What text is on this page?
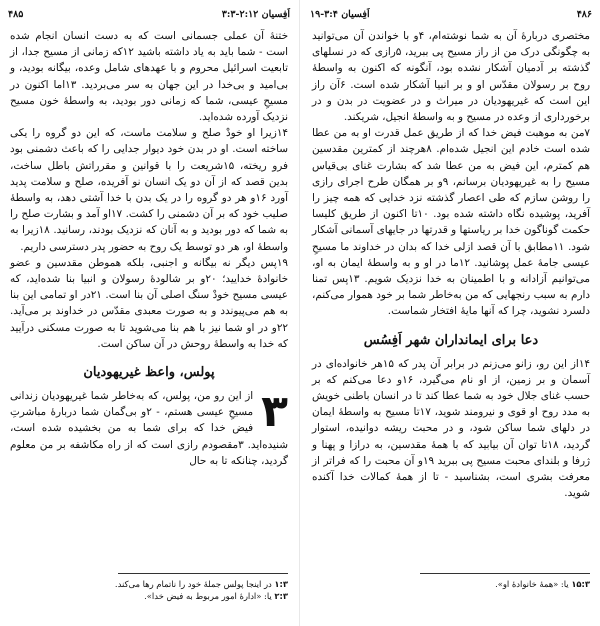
۴۸۵	اَفِسیان ۲:۱۲-۳:۳

ختنهٔ آن عملی جسمانی است که به دست انسان انجام شده است - شما باید به یاد داشته باشید ۱۲که زمانی از مسیح جدا، از تابعیت اسرائیل محروم و با عهدهای شامل وعده، بیگانه بودید، و بی‌امید و بی‌خدا در این جهان به سر می‌بردید. ۱۳اما اکنون در مسیحِ عیسی، شما که زمانی دور بودید، به واسطهٔ خون مسیح نزدیک آورده شده‌اید.

۱۴زیرا او خودْ صلح و سلامت ماست، که این دو گروه را یکی ساخته است. او در بدن خود دیوار جدایی را که باعث دشمنی بود فرو ریخته، ۱۵شریعت را با قوانین و مقرراتش باطل ساخت، بدین قصد که از آن دو یک انسان نو آفریده، صلح و سلامت پدید آورد ۱۶و هر دو گروه را در یک بدن با خدا آشتی دهد، به واسطهٔ صلیب خود که بر آن دشمنی را کشت. ۱۷او آمد و بشارت صلح را به شما که دور بودید و به آنان که نزدیک بودند، رسانید. ۱۸زیرا به واسطهٔ او، هر دو توسط یک روح به حضور پدر دسترسی داریم.

۱۹پس دیگر نه بیگانه و اجنبی، بلکه هموطن مقدسین و عضو خانوادهٔ خدایید؛ ۲۰و بر شالودهٔ رسولان و انبیا بنا شده‌اید، که عیسی مسیح خودْ سنگ اصلی آن بنا است. ۲۱در او تمامی این بنا به هم می‌پیوندد و به صورت معبدی مقدّس در خداوند بر می‌آید. ۲۲و در او شما نیز با هم بنا می‌شوید تا به صورت مسکنی درآیید که خدا به واسطهٔ روحش در آن ساکن است.

پولس، واعظ غیریهودیان
۳

از این رو من، پولس، که به‌خاطر شما غیریهودیان زندانی مسیحِ عیسی هستم، - ۲و بی‌گمان شما دربارهٔ مباشرتِ فیض خدا که برای شما به من بخشیده شده است، شنیده‌اید. ۳مقصودم رازی است که از راه مکاشفه بر من معلوم گردید، چنانکه تا به حال

۱:۳ در اینجا پولس جملهٔ خود را ناتمام رها می‌کند.
۲:۳ یا: «ادارهٔ امور مربوط به فیض خدا».
۴۸۶
اَفِسیان ۳:۴-۱۹

مختصری دربارهٔ آن به شما نوشته‌ام، ۴و با خواندن آن می‌توانید به چگونگی درک من از راز مسیح پی ببرید، ۵رازی که در نسلهای گذشته بر آدمیان آشکار نشده بود، آنگونه که اکنون به واسطهٔ روح بر رسولان مقدّس او و بر انبیا آشکار شده است. ۶آن راز این است که غیریهودیان در میراث و در عضویت در بدن و در برخورداری از وعده در مسیح و به واسطهٔ انجیل، شریکند.

۷من به موهبت فیض خدا که از طریق عمل قدرت او به من عطا شده است خادم این انجیل شده‌ام. ۸هرچند از کمترین مقدسین هم کمترم، این فیض به من عطا شد که بشارت غنای بی‌قیاس مسیح را به غیریهودیان برسانم، ۹و بر همگان طرح اجرای رازی را روشن سازم که طی اعصار گذشته نزد خدایی که همه چیز را آفرید، پوشیده نگاه داشته شده بود. ۱۰تا اکنون از طریق کلیسا حکمت گوناگون خدا بر ریاستها و قدرتها در جایهای آسمانی آشکار شود. ۱۱مطابق با آن قصد ازلی خدا که بدان در خداوند ما مسیحِ عیسی جامهٔ عمل پوشانید. ۱۲ما در او و به واسطهٔ ایمان به او، می‌توانیم آزادانه و با اطمینان به خدا نزدیک شویم. ۱۳پس تمنا دارم به سبب رنجهایی که من به‌خاطر شما بر خود هموار می‌کنم، دلسرد نشوید، چرا که آنها مایهٔ افتخار شماست.

دعا برای ایمانداران شهر اَفِسُس

۱۴از این رو، زانو می‌زنم در برابر آن پدر که ۱۵هر خانواده‌ای در آسمان و بر زمین، از او نام می‌گیرد، ۱۶و دعا می‌کنم که بر حسب غنای جلال خود به شما عطا کند تا در انسان باطنی خویش به مدد روح او قوی و نیرومند شوید، ۱۷تا مسیح به واسطهٔ ایمان در دلهای شما ساکن شود، و در محبت ریشه دوانیده، استوار گردید، ۱۸تا توان آن بیابید که با همهٔ مقدسین، به درازا و پهنا و ژرفا و بلندای محبت مسیح پی ببرید ۱۹و آن محبت را که فراتر از معرفت بشری است، بشناسید - تا از همهٔ کمالات خدا آکنده شوید.

۱۵:۳ یا: «همهٔ خانوادهٔ او».
